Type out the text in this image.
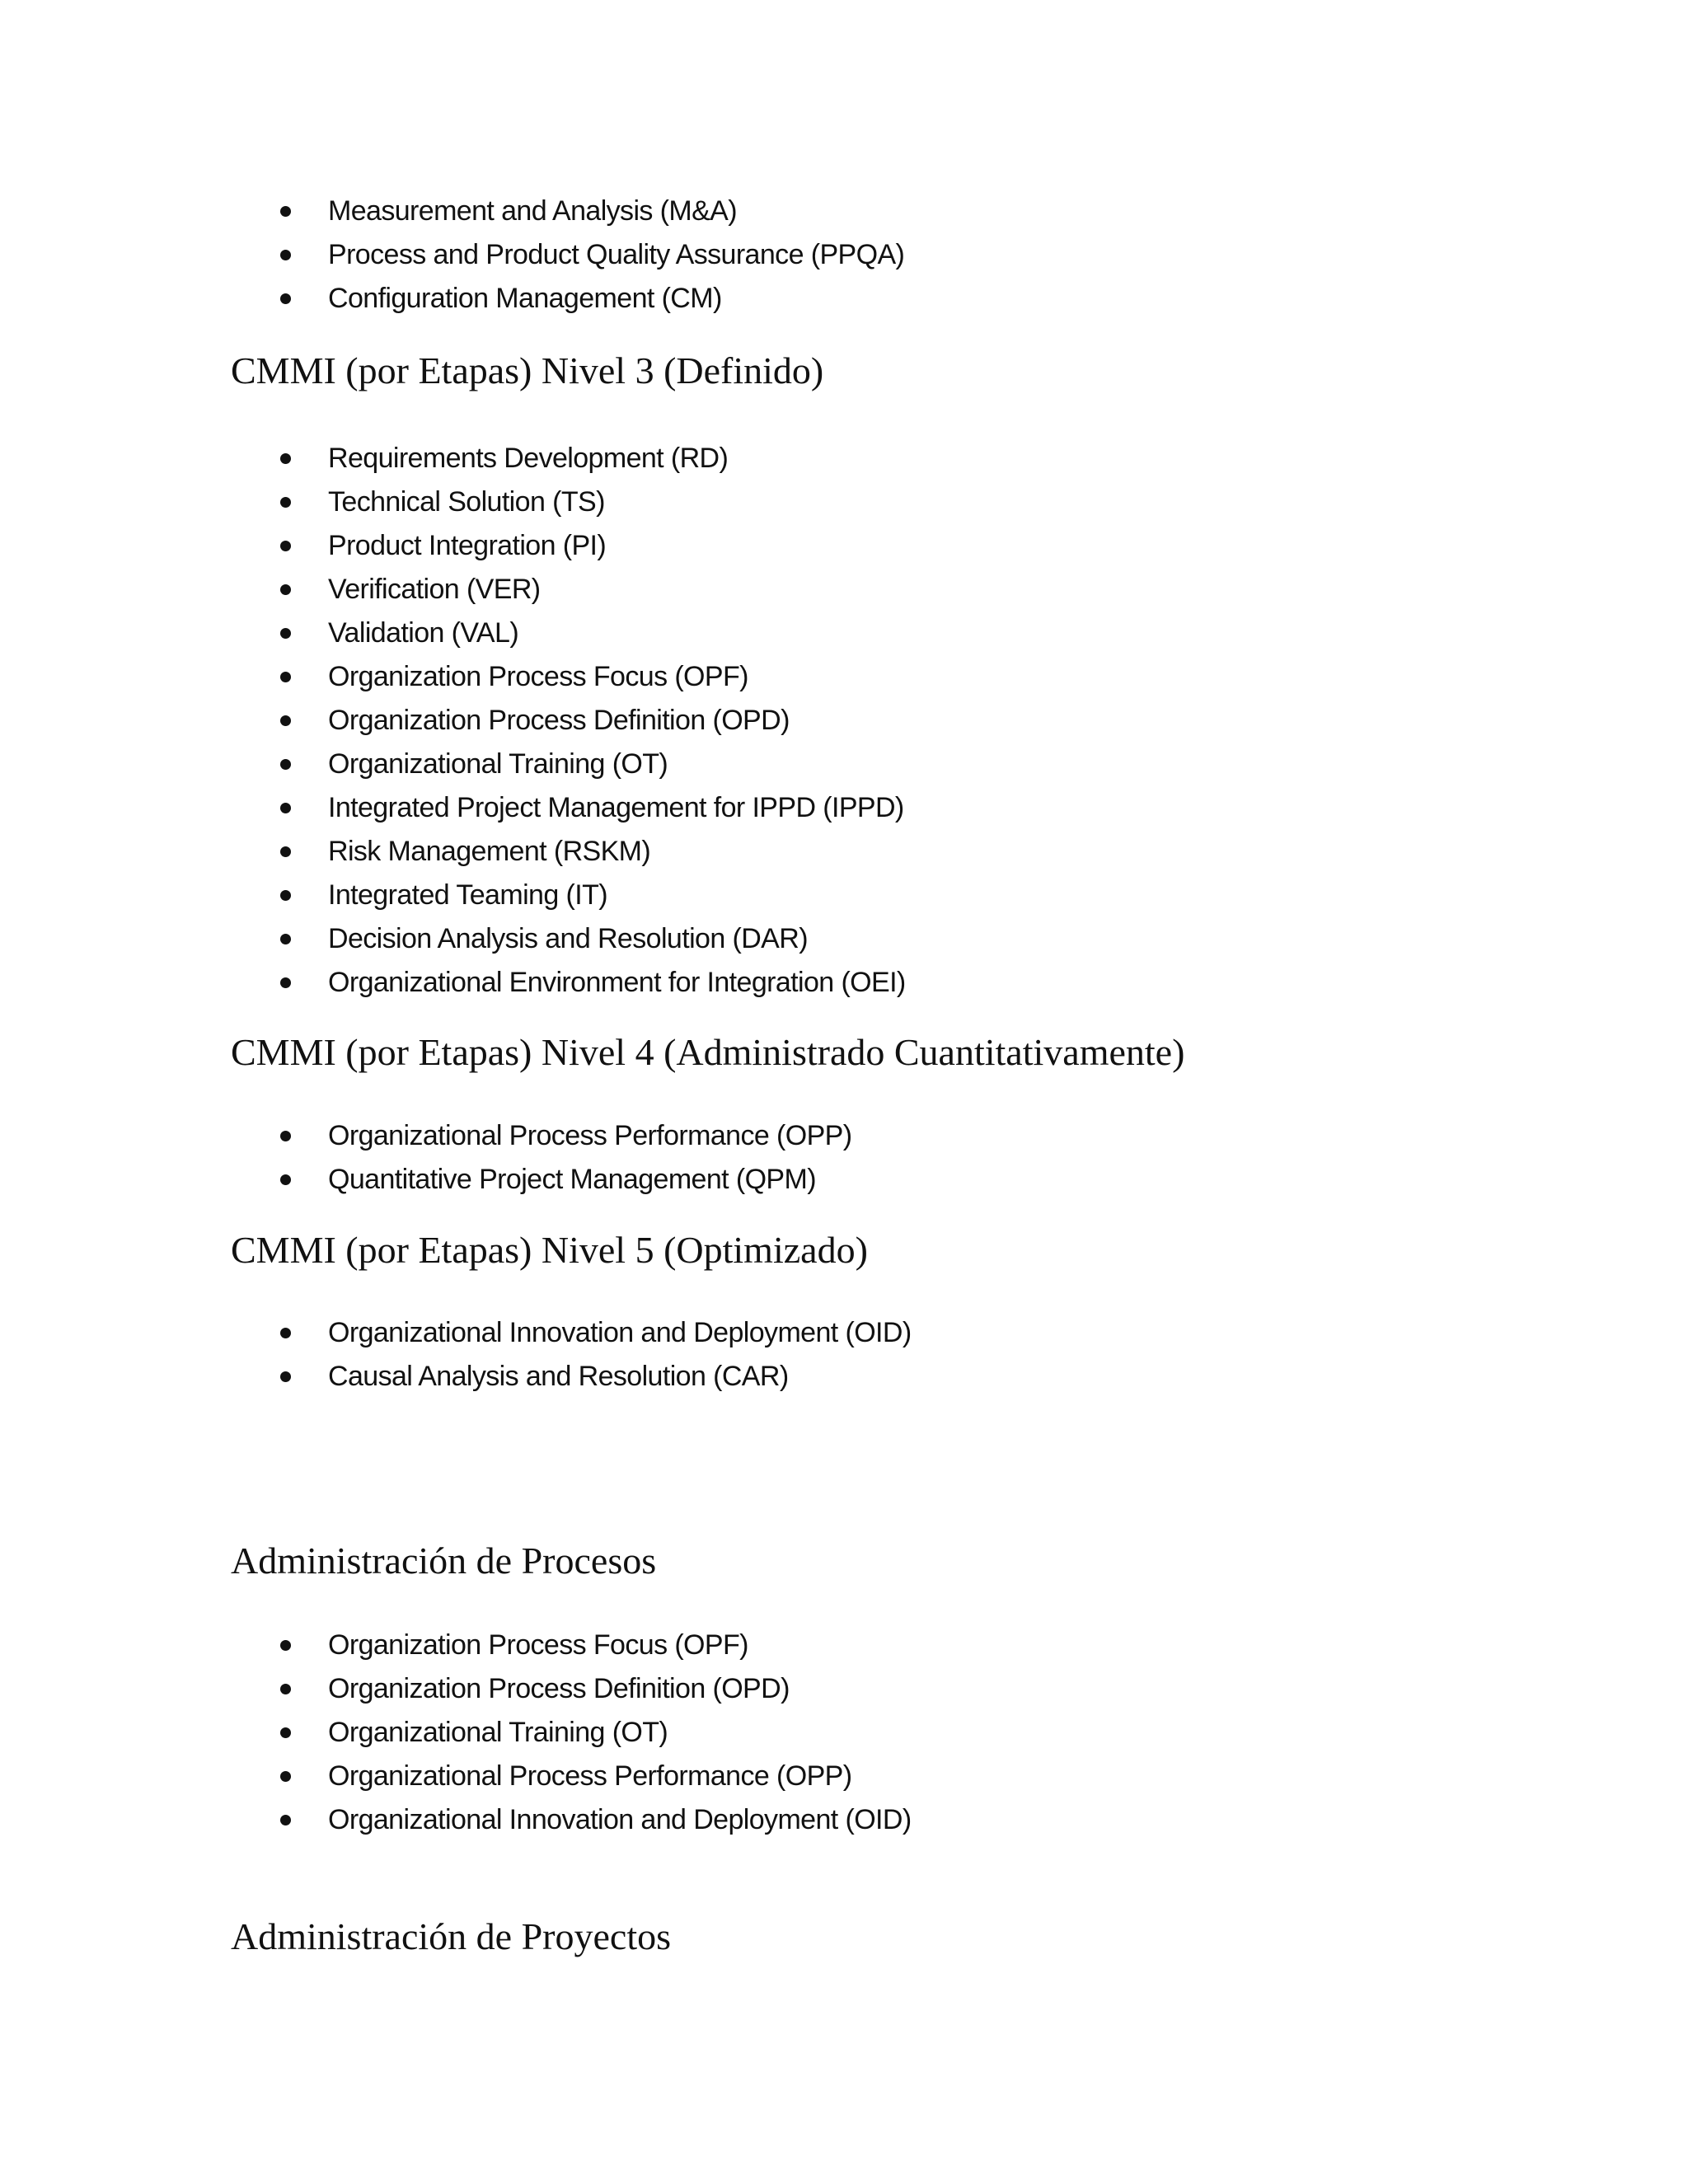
Measurement and Analysis (M&A)
Process and Product Quality Assurance (PPQA)
Configuration Management (CM)
CMMI (por Etapas) Nivel 3 (Definido)
Requirements Development (RD)
Technical Solution (TS)
Product Integration (PI)
Verification (VER)
Validation (VAL)
Organization Process Focus (OPF)
Organization Process Definition (OPD)
Organizational Training (OT)
Integrated Project Management for IPPD (IPPD)
Risk Management (RSKM)
Integrated Teaming (IT)
Decision Analysis and Resolution (DAR)
Organizational Environment for Integration (OEI)
CMMI (por Etapas) Nivel 4 (Administrado Cuantitativamente)
Organizational Process Performance (OPP)
Quantitative Project Management (QPM)
CMMI (por Etapas) Nivel 5 (Optimizado)
Organizational Innovation and Deployment (OID)
Causal Analysis and Resolution (CAR)
Administración de Procesos
Organization Process Focus (OPF)
Organization Process Definition (OPD)
Organizational Training (OT)
Organizational Process Performance (OPP)
Organizational Innovation and Deployment (OID)
Administración de Proyectos
